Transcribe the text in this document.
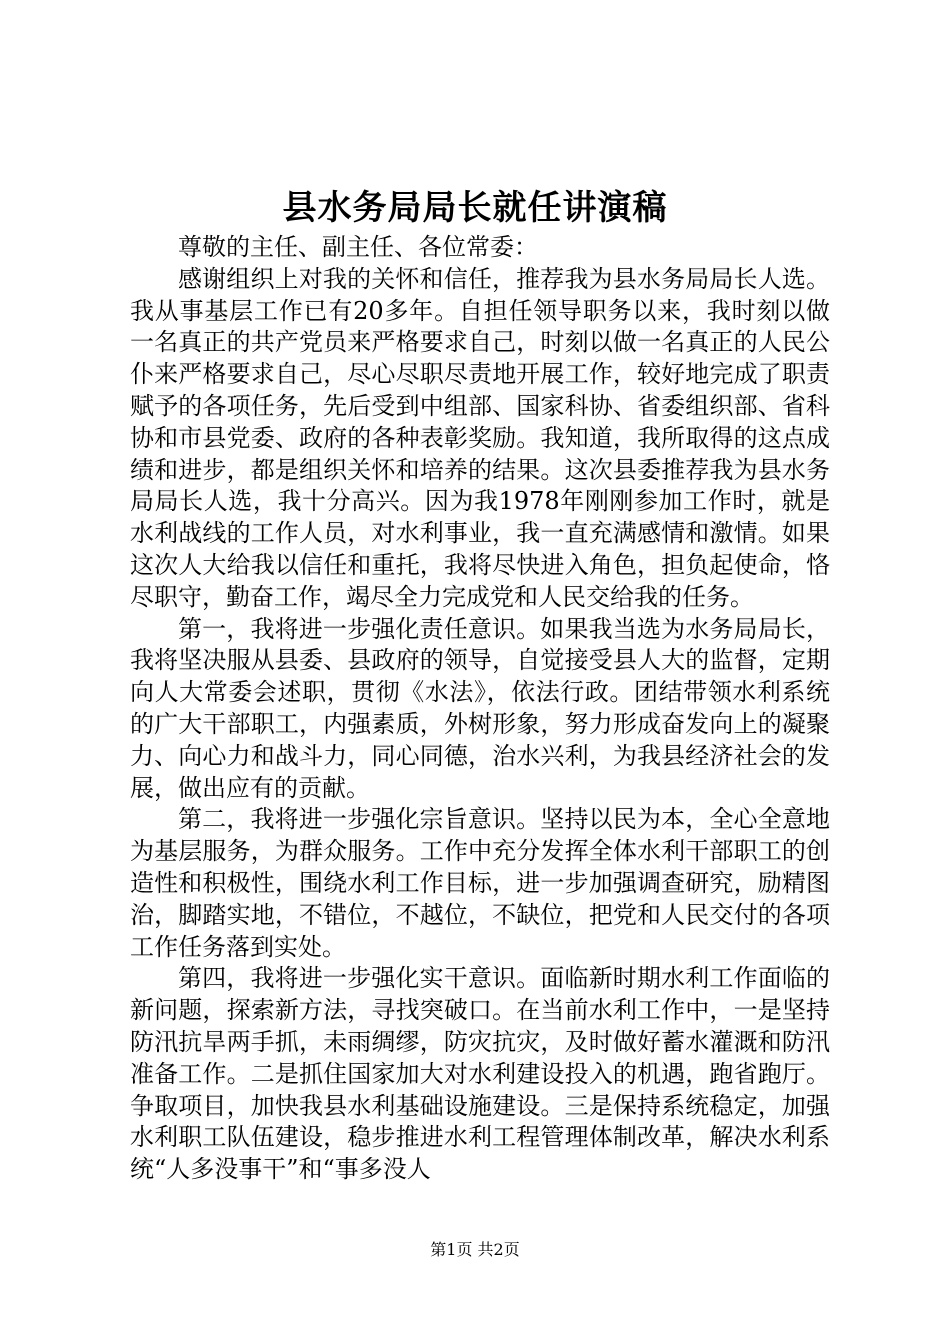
县水务局局长就任讲演稿

尊敬的主任、副主任、各位常委：

感谢组织上对我的关怀和信任，推荐我为县水务局局长人选。我从事基层工作已有20多年。自担任领导职务以来，我时刻以做一名真正的共产党员来严格要求自己，时刻以做一名真正的人民公仆来严格要求自己，尽心尽职尽责地开展工作，较好地完成了职责赋予的各项任务，先后受到中组部、国家科协、省委组织部、省科协和市县党委、政府的各种表彰奖励。我知道，我所取得的这点成绩和进步，都是组织关怀和培养的结果。这次县委推荐我为县水务局局长人选，我十分高兴。因为我1978年刚刚参加工作时，就是水利战线的工作人员，对水利事业，我一直充满感情和激情。如果这次人大给我以信任和重托，我将尽快进入角色，担负起使命，恪尽职守，勤奋工作，竭尽全力完成党和人民交给我的任务。

第一，我将进一步强化责任意识。如果我当选为水务局局长，我将坚决服从县委、县政府的领导，自觉接受县人大的监督，定期向人大常委会述职，贯彻《水法》，依法行政。团结带领水利系统的广大干部职工，内强素质，外树形象，努力形成奋发向上的凝聚力、向心力和战斗力，同心同德，治水兴利，为我县经济社会的发展，做出应有的贡献。

第二，我将进一步强化宗旨意识。坚持以民为本，全心全意地为基层服务，为群众服务。工作中充分发挥全体水利干部职工的创造性和积极性，围绕水利工作目标，进一步加强调查研究，励精图治，脚踏实地，不错位，不越位，不缺位，把党和人民交付的各项工作任务落到实处。

第四，我将进一步强化实干意识。面临新时期水利工作面临的新问题，探索新方法，寻找突破口。在当前水利工作中，一是坚持防汛抗旱两手抓，未雨绸缪，防灾抗灾，及时做好蓄水灌溉和防汛准备工作。二是抓住国家加大对水利建设投入的机遇，跑省跑厅。争取项目，加快我县水利基础设施建设。三是保持系统稳定，加强水利职工队伍建设，稳步推进水利工程管理体制改革，解决水利系统“人多没事干”和“事多没人

第1页 共2页
